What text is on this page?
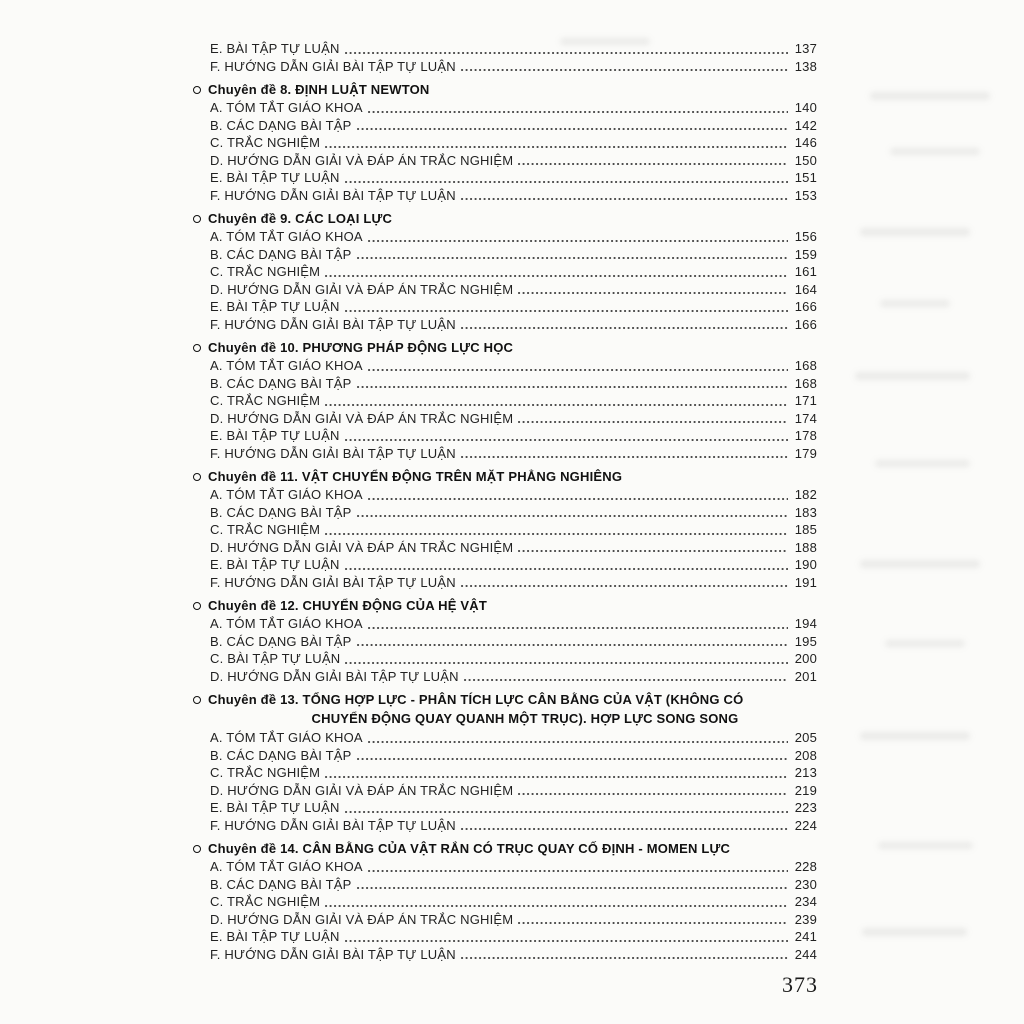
E. BÀI TẬP TỰ LUẬN	137
F. HƯỚNG DẪN GIẢI BÀI TẬP TỰ LUẬN	138
Chuyên đề 8. ĐỊNH LUẬT NEWTON
A. TÓM TẮT GIÁO KHOA	140
B. CÁC DẠNG BÀI TẬP	142
C. TRẮC NGHIỆM	146
D. HƯỚNG DẪN GIẢI VÀ ĐÁP ÁN TRẮC NGHIỆM	150
E. BÀI TẬP TỰ LUẬN	151
F. HƯỚNG DẪN GIẢI BÀI TẬP TỰ LUẬN	153
Chuyên đề 9. CÁC LOẠI LỰC
A. TÓM TẮT GIÁO KHOA	156
B. CÁC DẠNG BÀI TẬP	159
C. TRẮC NGHIỆM	161
D. HƯỚNG DẪN GIẢI VÀ ĐÁP ÁN TRẮC NGHIỆM	164
E. BÀI TẬP TỰ LUẬN	166
F. HƯỚNG DẪN GIẢI BÀI TẬP TỰ LUẬN	166
Chuyên đề 10. PHƯƠNG PHÁP ĐỘNG LỰC HỌC
A. TÓM TẮT GIÁO KHOA	168
B. CÁC DẠNG BÀI TẬP	168
C. TRẮC NGHIỆM	171
D. HƯỚNG DẪN GIẢI VÀ ĐÁP ÁN TRẮC NGHIỆM	174
E. BÀI TẬP TỰ LUẬN	178
F. HƯỚNG DẪN GIẢI BÀI TẬP TỰ LUẬN	179
Chuyên đề 11. VẬT CHUYỂN ĐỘNG TRÊN MẶT PHẲNG NGHIÊNG
A. TÓM TẮT GIÁO KHOA	182
B. CÁC DẠNG BÀI TẬP	183
C. TRẮC NGHIỆM	185
D. HƯỚNG DẪN GIẢI VÀ ĐÁP ÁN TRẮC NGHIỆM	188
E. BÀI TẬP TỰ LUẬN	190
F. HƯỚNG DẪN GIẢI BÀI TẬP TỰ LUẬN	191
Chuyên đề 12. CHUYỂN ĐỘNG CỦA HỆ VẬT
A. TÓM TẮT GIÁO KHOA	194
B. CÁC DẠNG BÀI TẬP	195
C. BÀI TẬP TỰ LUẬN	200
D. HƯỚNG DẪN GIẢI BÀI TẬP TỰ LUẬN	201
Chuyên đề 13. TỔNG HỢP LỰC - PHÂN TÍCH LỰC CÂN BẰNG CỦA VẬT (KHÔNG CÓ
CHUYỂN ĐỘNG QUAY QUANH MỘT TRỤC). HỢP LỰC SONG SONG
A. TÓM TẮT GIÁO KHOA	205
B. CÁC DẠNG BÀI TẬP	208
C. TRẮC NGHIỆM	213
D. HƯỚNG DẪN GIẢI VÀ ĐÁP ÁN TRẮC NGHIỆM	219
E. BÀI TẬP TỰ LUẬN	223
F. HƯỚNG DẪN GIẢI BÀI TẬP TỰ LUẬN	224
Chuyên đề 14. CÂN BẰNG CỦA VẬT RẮN CÓ TRỤC QUAY CỐ ĐỊNH - MOMEN LỰC
A. TÓM TẮT GIÁO KHOA	228
B. CÁC DẠNG BÀI TẬP	230
C. TRẮC NGHIỆM	234
D. HƯỚNG DẪN GIẢI VÀ ĐÁP ÁN TRẮC NGHIỆM	239
E. BÀI TẬP TỰ LUẬN	241
F. HƯỚNG DẪN GIẢI BÀI TẬP TỰ LUẬN	244
373
